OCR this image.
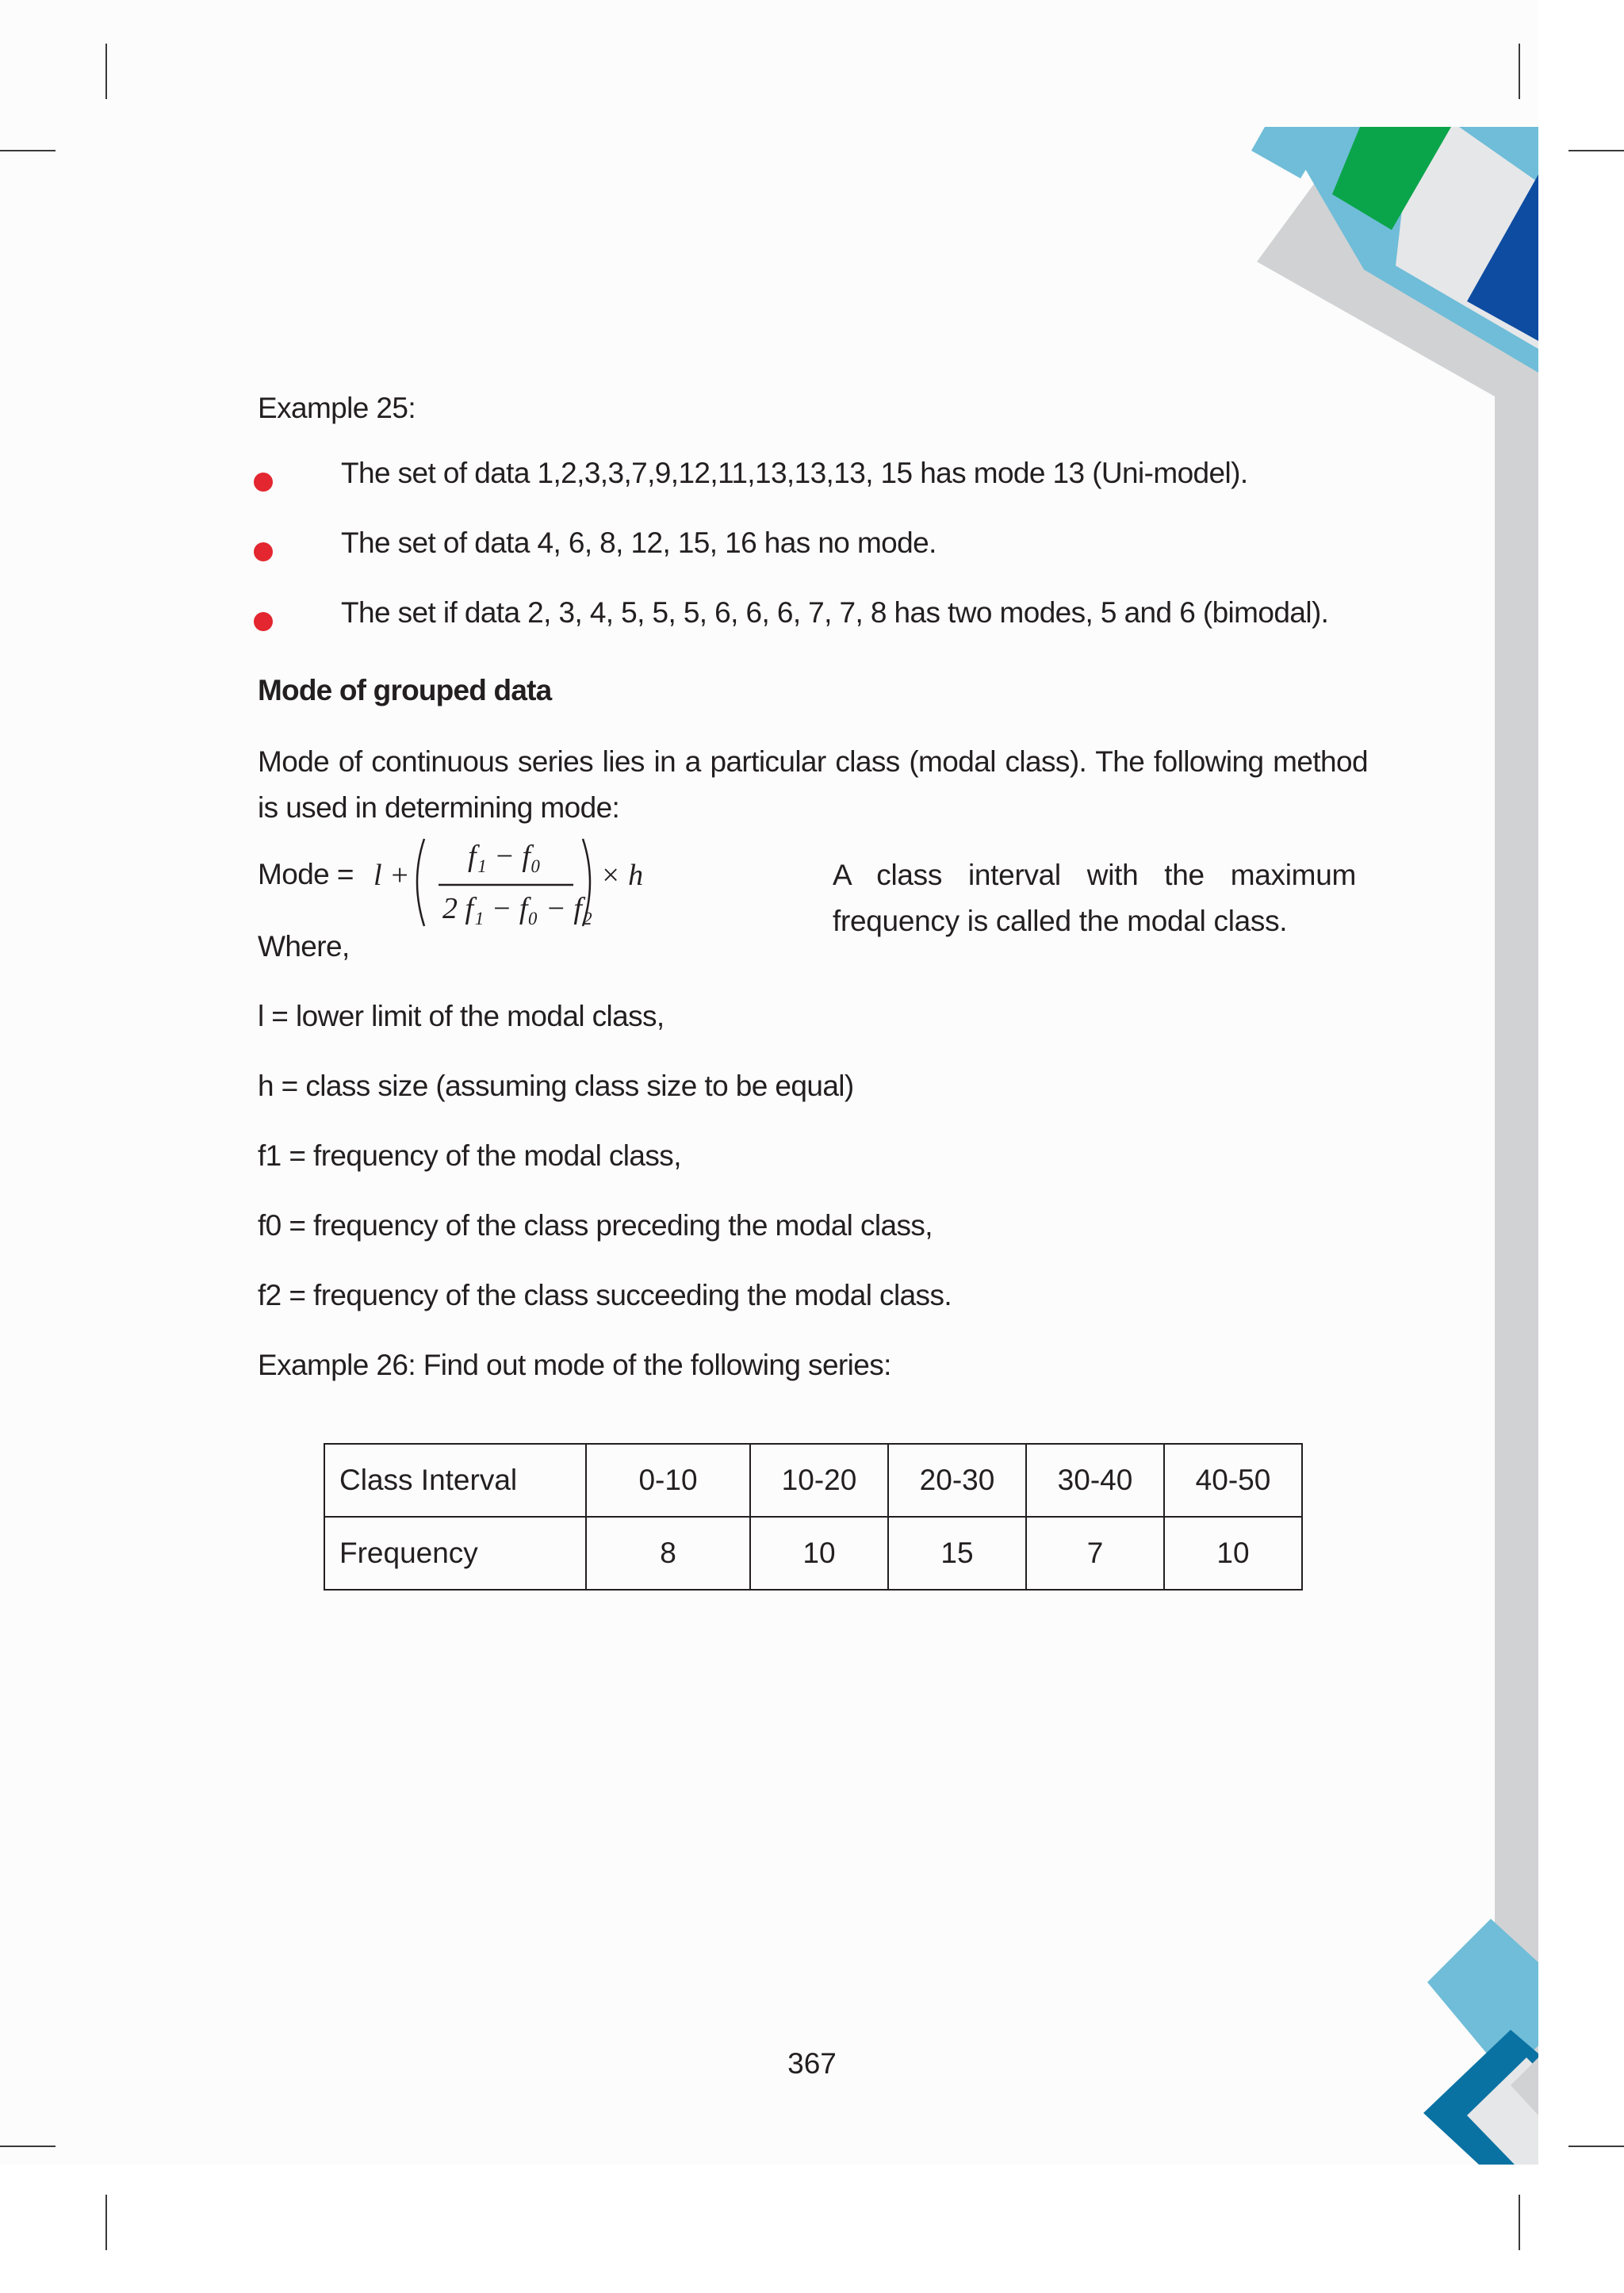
Example 25:
The set of data 1,2,3,3,7,9,12,11,13,13,13, 15 has mode 13 (Uni-model).
The set of data 4, 6, 8, 12, 15, 16 has no mode.
The set if data 2, 3, 4, 5, 5, 5, 6, 6, 6, 7, 7, 8 has two modes, 5 and 6 (bimodal).
Mode of grouped data
Mode of continuous series lies in a particular class (modal class). The following method is used in determining mode:
Mode = l +
f₁ − f₀
2 f₁ − f₀ − f₂
× h	A class interval with the maximum frequency is called the modal class.
Where,
l = lower limit of the modal class,
h = class size (assuming class size to be equal)
f1 = frequency of the modal class,
f0 = frequency of the class preceding the modal class,
f2 = frequency of the class succeeding the modal class.
Example 26: Find out mode of the following series:
Class Interval	0-10	10-20	20-30	30-40	40-50
Frequency	8	10	15	7	10
367
